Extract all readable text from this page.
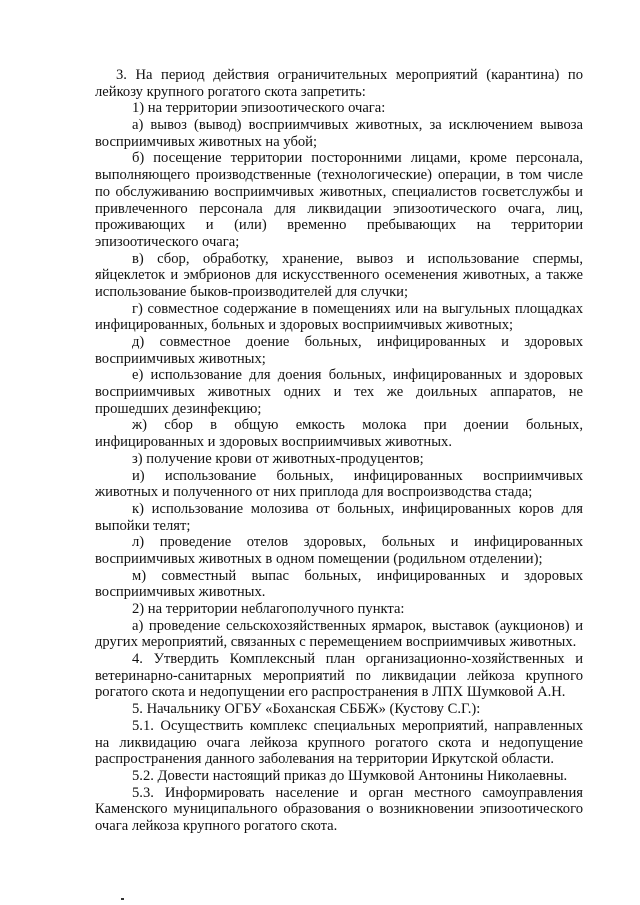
3. На период действия ограничительных мероприятий (карантина) по
лейкозу крупного рогатого скота запретить:
1) на территории эпизоотического очага:
а) вывоз (вывод) восприимчивых животных, за исключением вывоза
восприимчивых животных на убой;
б) посещение территории посторонними лицами, кроме персонала,
выполняющего производственные (технологические) операции, в том числе
по обслуживанию восприимчивых животных, специалистов госветслужбы и
привлеченного персонала для ликвидации эпизоотического очага, лиц,
проживающих и (или) временно пребывающих на территории
эпизоотического очага;
в) сбор, обработку, хранение, вывоз и использование спермы,
яйцеклеток и эмбрионов для искусственного осеменения животных, а также
использование быков-производителей для случки;
г) совместное содержание в помещениях или на выгульных площадках
инфицированных, больных и здоровых восприимчивых животных;
д) совместное доение больных, инфицированных и здоровых
восприимчивых животных;
е) использование для доения больных, инфицированных и здоровых
восприимчивых животных одних и тех же доильных аппаратов, не
прошедших дезинфекцию;
ж) сбор в общую емкость молока при доении больных,
инфицированных и здоровых восприимчивых животных.
з) получение крови от животных-продуцентов;
и) использование больных, инфицированных восприимчивых
животных и полученного от них приплода для воспроизводства стада;
к) использование молозива от больных, инфицированных коров для
выпойки телят;
л) проведение отелов здоровых, больных и инфицированных
восприимчивых животных в одном помещении (родильном отделении);
м) совместный выпас больных, инфицированных и здоровых
восприимчивых животных.
2) на территории неблагополучного пункта:
а) проведение сельскохозяйственных ярмарок, выставок (аукционов) и
других мероприятий, связанных с перемещением восприимчивых животных.
4. Утвердить Комплексный план организационно-хозяйственных и
ветеринарно-санитарных мероприятий по ликвидации лейкоза крупного
рогатого скота и недопущении его распространения в ЛПХ Шумковой А.Н.
5. Начальнику ОГБУ «Боханская СББЖ» (Кустову С.Г.):
5.1. Осуществить комплекс специальных мероприятий, направленных
на ликвидацию очага лейкоза крупного рогатого скота и недопущение
распространения данного заболевания на территории Иркутской области.
5.2. Довести настоящий приказ до Шумковой Антонины Николаевны.
5.3. Информировать население и орган местного самоуправления
Каменского муниципального образования о возникновении эпизоотического
очага лейкоза крупного рогатого скота.
